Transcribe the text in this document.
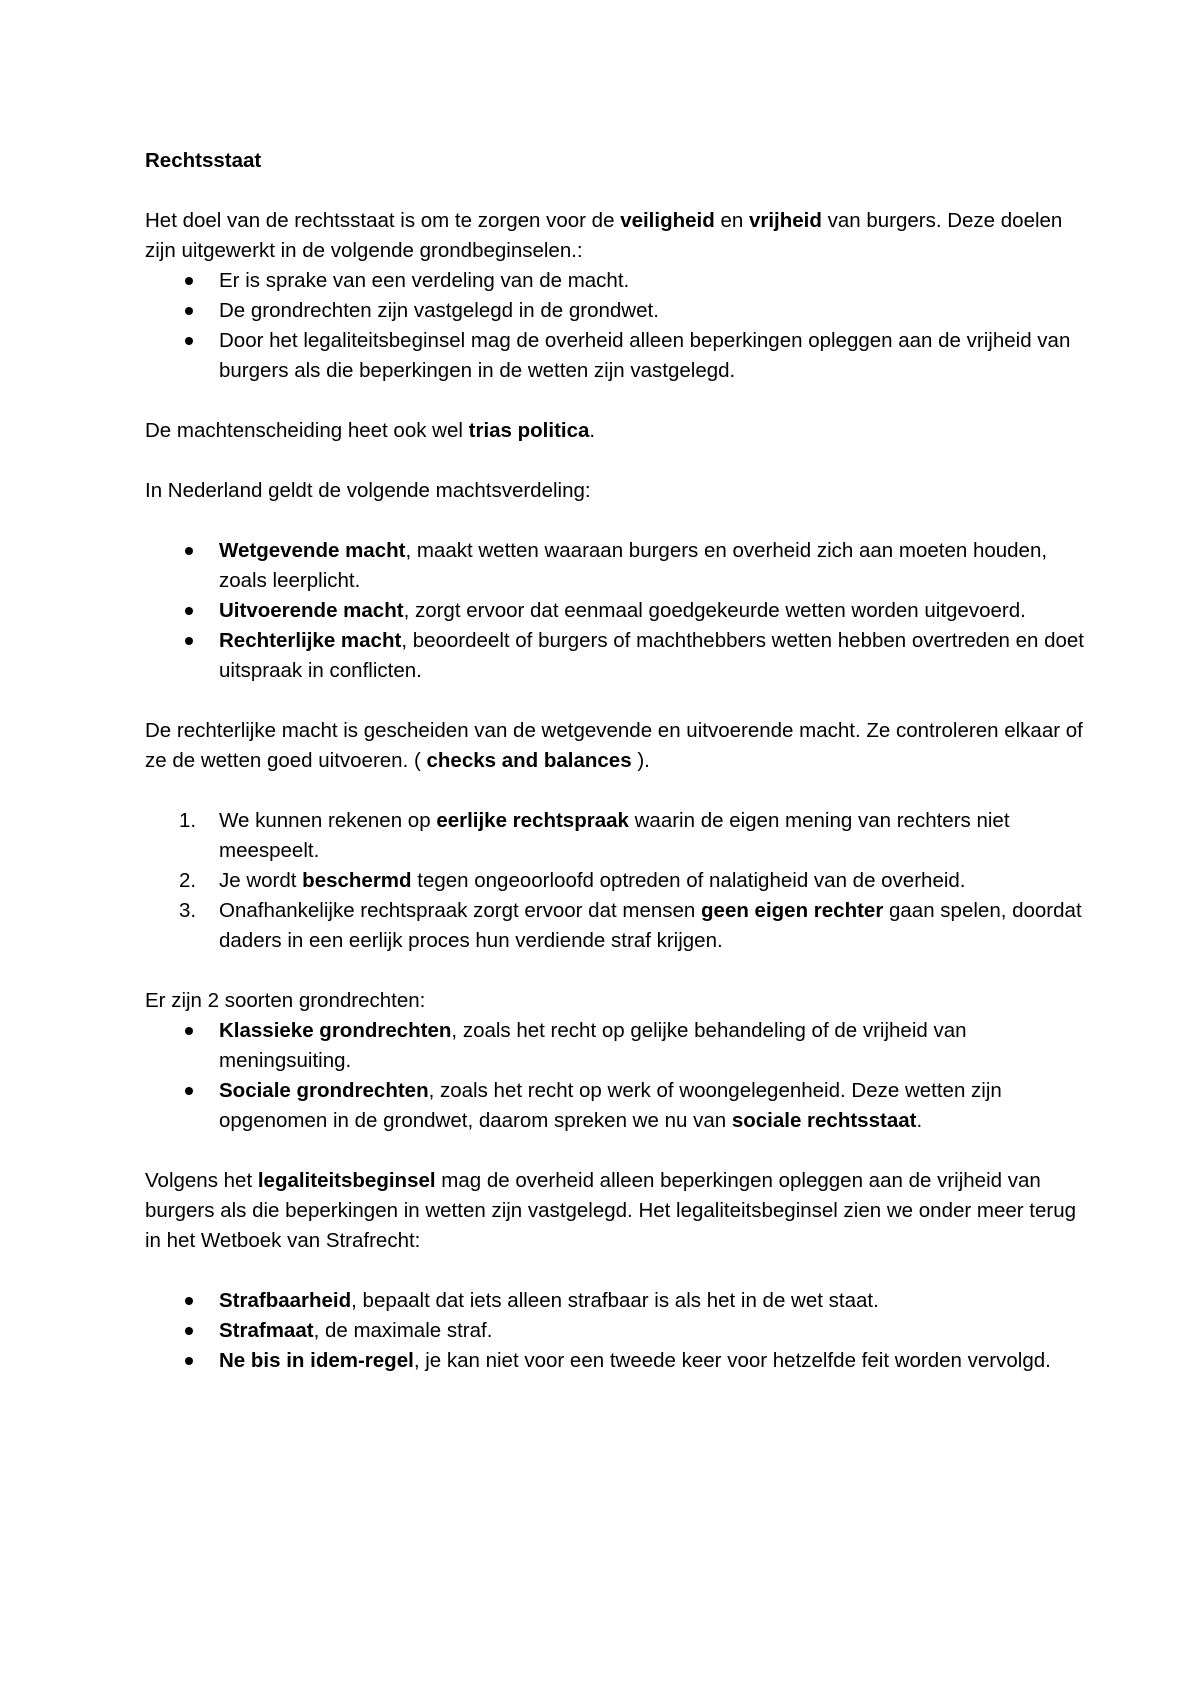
Rechtsstaat

Het doel van de rechtsstaat is om te zorgen voor de veiligheid en vrijheid van burgers. Deze doelen zijn uitgewerkt in de volgende grondbeginselen.:

Er is sprake van een verdeling van de macht.
De grondrechten zijn vastgelegd in de grondwet.
Door het legaliteitsbeginsel mag de overheid alleen beperkingen opleggen aan de vrijheid van burgers als die beperkingen in de wetten zijn vastgelegd.

De machtenscheiding heet ook wel trias politica.

In Nederland geldt de volgende machtsverdeling:

Wetgevende macht, maakt wetten waaraan burgers en overheid zich aan moeten houden, zoals leerplicht.
Uitvoerende macht, zorgt ervoor dat eenmaal goedgekeurde wetten worden uitgevoerd.
Rechterlijke macht, beoordeelt of burgers of machthebbers wetten hebben overtreden en doet uitspraak in conflicten.

De rechterlijke macht is gescheiden van de wetgevende en uitvoerende macht. Ze controleren elkaar of ze de wetten goed uitvoeren. ( checks and balances ).

1. We kunnen rekenen op eerlijke rechtspraak waarin de eigen mening van rechters niet meespeelt.
2. Je wordt beschermd tegen ongeoorloofd optreden of nalatigheid van de overheid.
3. Onafhankelijke rechtspraak zorgt ervoor dat mensen geen eigen rechter gaan spelen, doordat daders in een eerlijk proces hun verdiende straf krijgen.

Er zijn 2 soorten grondrechten:

Klassieke grondrechten, zoals het recht op gelijke behandeling of de vrijheid van meningsuiting.
Sociale grondrechten, zoals het recht op werk of woongelegenheid. Deze wetten zijn opgenomen in de grondwet, daarom spreken we nu van sociale rechtsstaat.

Volgens het legaliteitsbeginsel mag de overheid alleen beperkingen opleggen aan de vrijheid van burgers als die beperkingen in wetten zijn vastgelegd. Het legaliteitsbeginsel zien we onder meer terug in het Wetboek van Strafrecht:

Strafbaarheid, bepaalt dat iets alleen strafbaar is als het in de wet staat.
Strafmaat, de maximale straf.
Ne bis in idem-regel, je kan niet voor een tweede keer voor hetzelfde feit worden vervolgd.
